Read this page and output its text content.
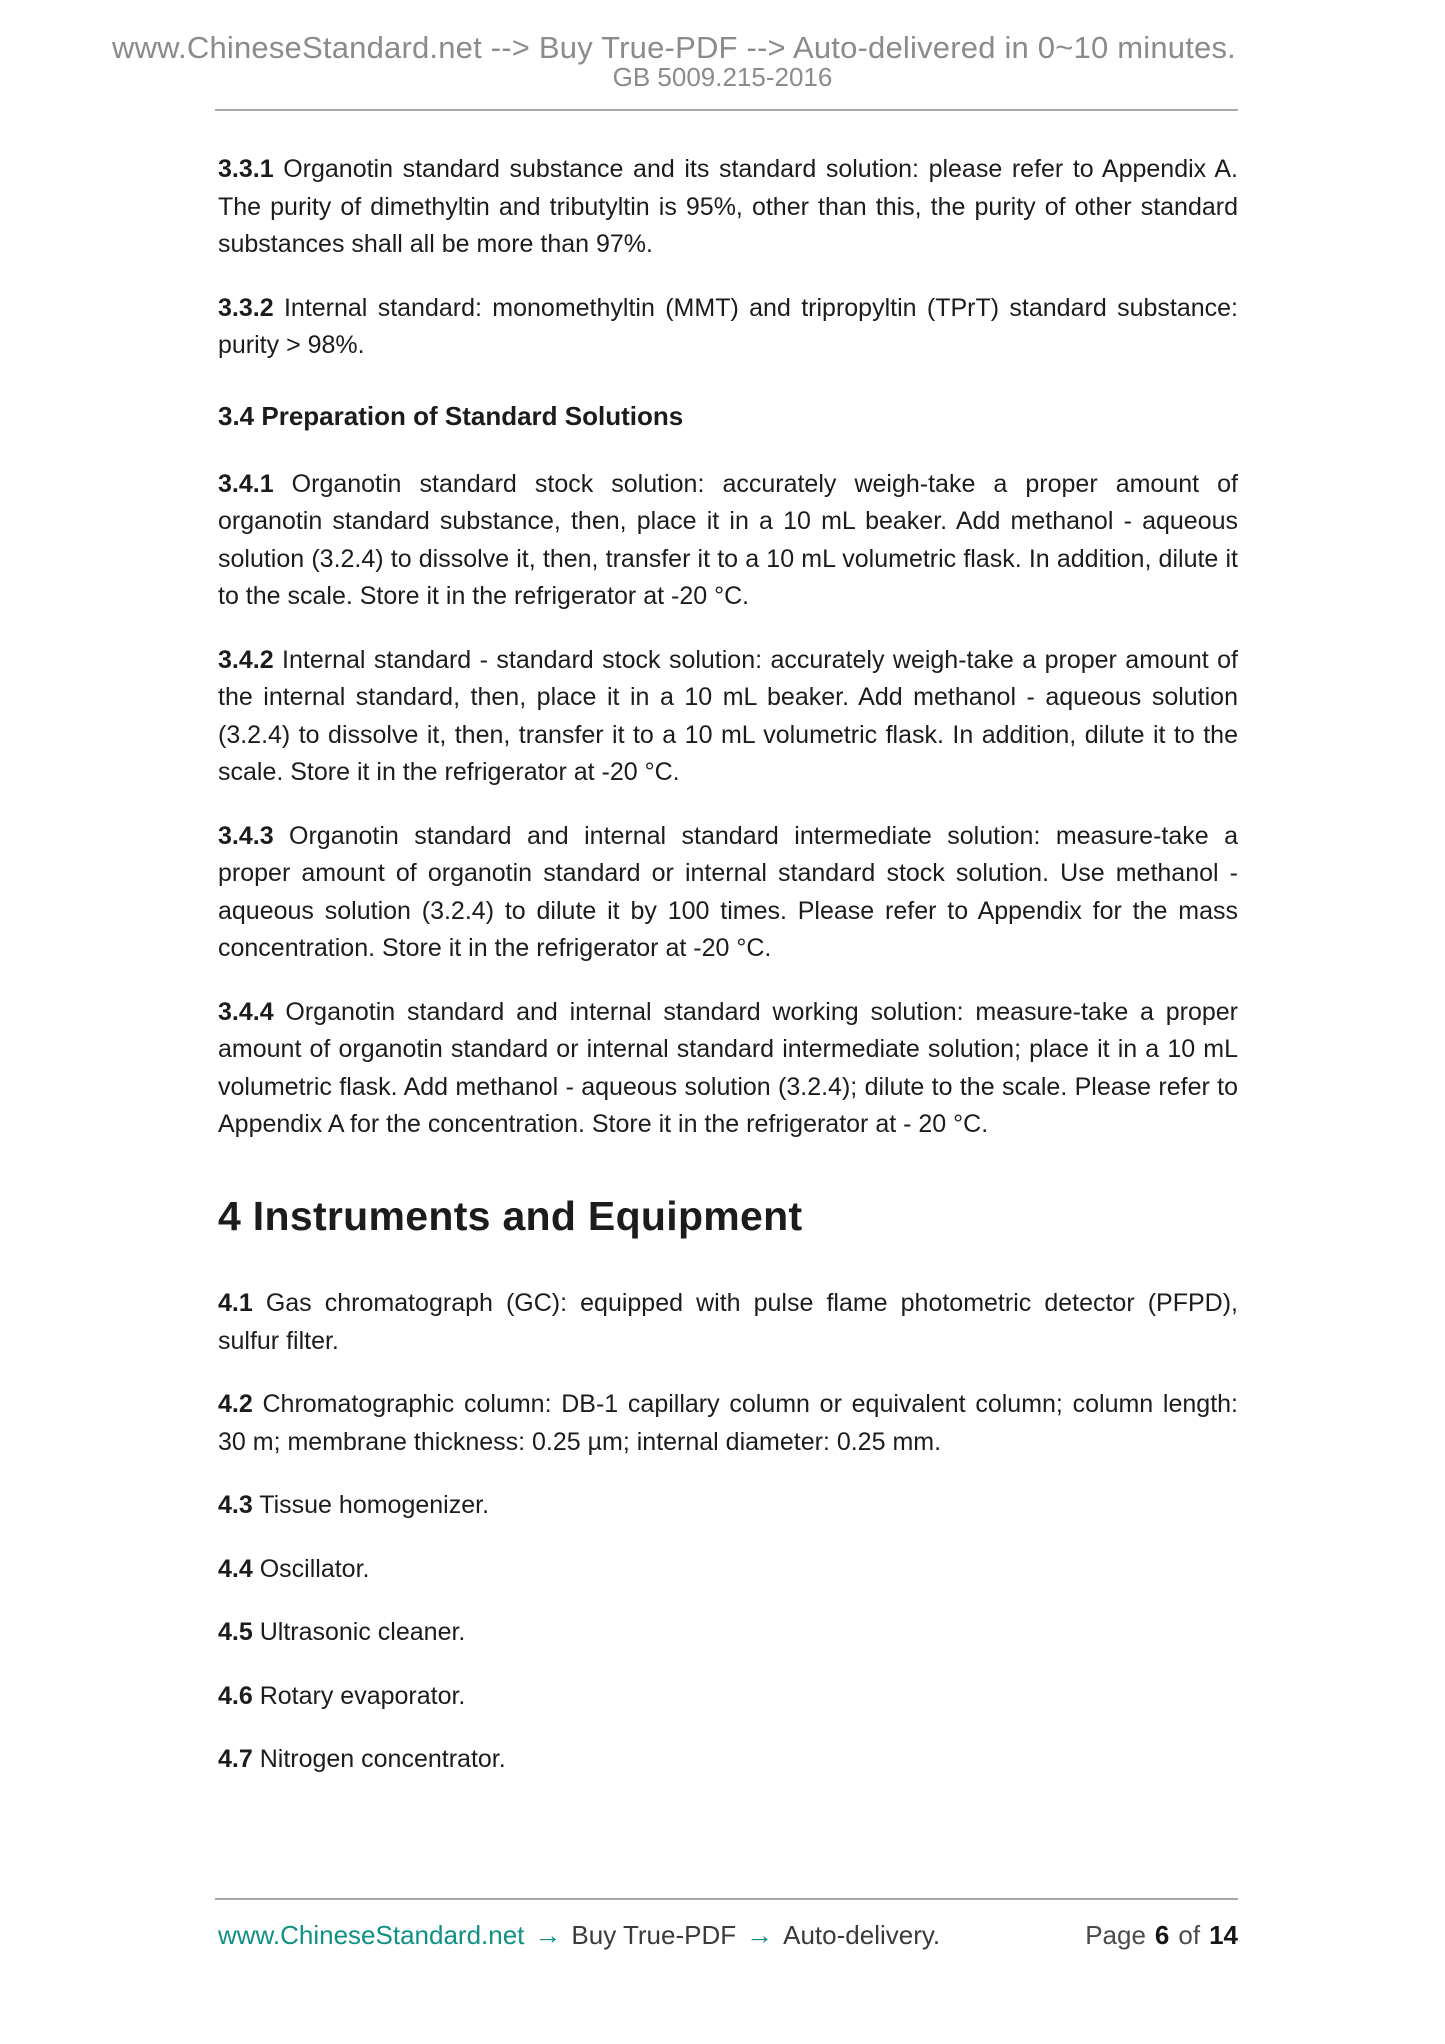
www.ChineseStandard.net --> Buy True-PDF --> Auto-delivered in 0~10 minutes.
GB 5009.215-2016

3.3.1 Organotin standard substance and its standard solution: please refer to Appendix A. The purity of dimethyltin and tributyltin is 95%, other than this, the purity of other standard substances shall all be more than 97%.

3.3.2 Internal standard: monomethyltin (MMT) and tripropyltin (TPrT) standard substance: purity > 98%.

3.4 Preparation of Standard Solutions

3.4.1 Organotin standard stock solution: accurately weigh-take a proper amount of organotin standard substance, then, place it in a 10 mL beaker. Add methanol - aqueous solution (3.2.4) to dissolve it, then, transfer it to a 10 mL volumetric flask. In addition, dilute it to the scale. Store it in the refrigerator at -20 °C.

3.4.2 Internal standard - standard stock solution: accurately weigh-take a proper amount of the internal standard, then, place it in a 10 mL beaker. Add methanol - aqueous solution (3.2.4) to dissolve it, then, transfer it to a 10 mL volumetric flask. In addition, dilute it to the scale. Store it in the refrigerator at -20 °C.

3.4.3 Organotin standard and internal standard intermediate solution: measure-take a proper amount of organotin standard or internal standard stock solution. Use methanol - aqueous solution (3.2.4) to dilute it by 100 times. Please refer to Appendix for the mass concentration. Store it in the refrigerator at -20 °C.

3.4.4 Organotin standard and internal standard working solution: measure-take a proper amount of organotin standard or internal standard intermediate solution; place it in a 10 mL volumetric flask. Add methanol - aqueous solution (3.2.4); dilute to the scale. Please refer to Appendix A for the concentration. Store it in the refrigerator at - 20 °C.

4 Instruments and Equipment

4.1 Gas chromatograph (GC): equipped with pulse flame photometric detector (PFPD), sulfur filter.

4.2 Chromatographic column: DB-1 capillary column or equivalent column; column length: 30 m; membrane thickness: 0.25 µm; internal diameter: 0.25 mm.

4.3 Tissue homogenizer.

4.4 Oscillator.

4.5 Ultrasonic cleaner.

4.6 Rotary evaporator.

4.7 Nitrogen concentrator.

www.ChineseStandard.net → Buy True-PDF → Auto-delivery.	Page 6 of 14
